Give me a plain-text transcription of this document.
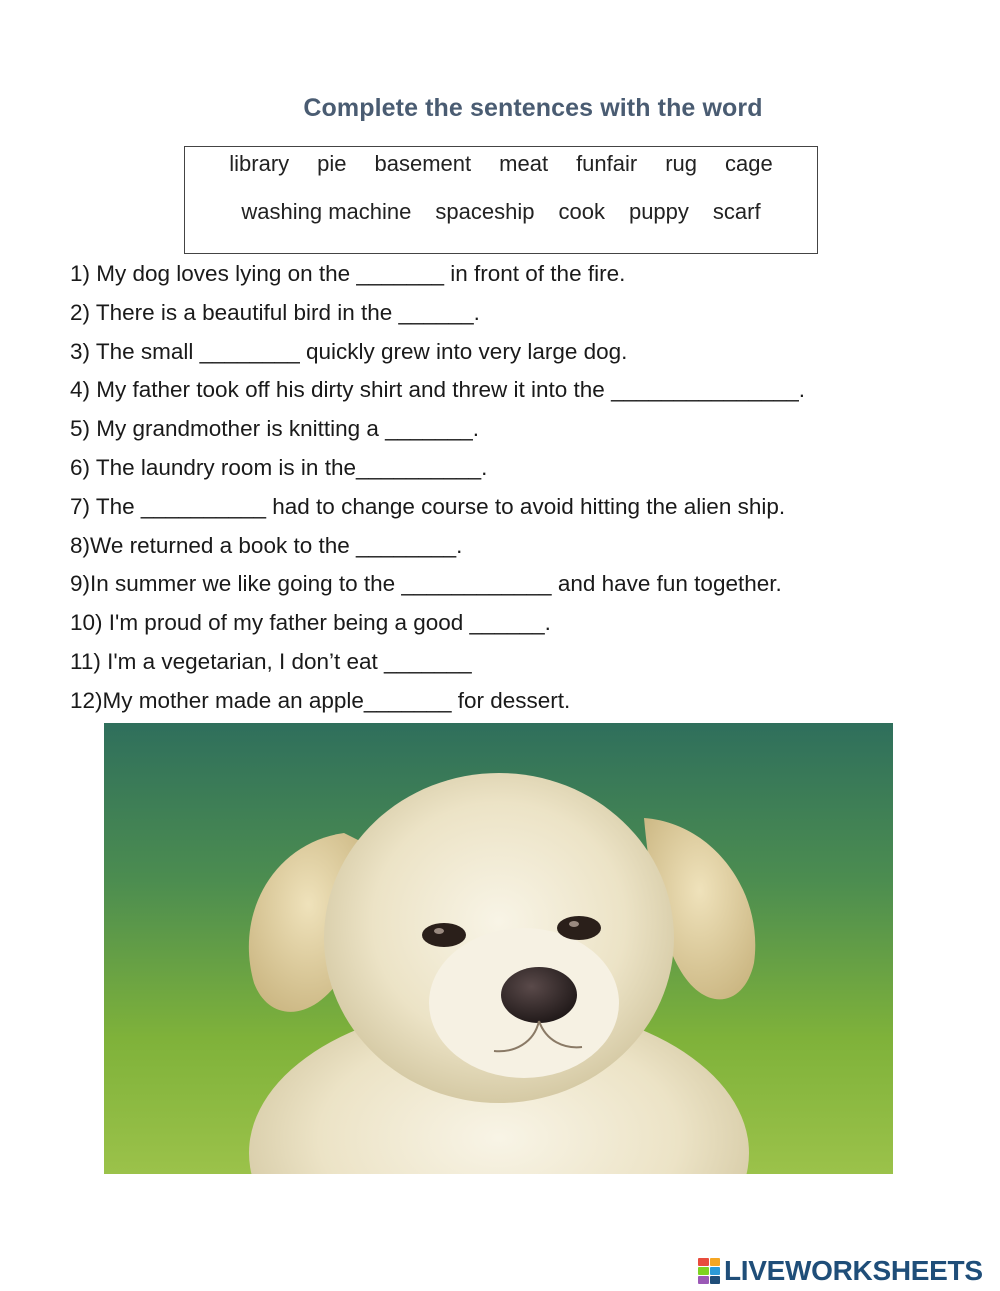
Complete the sentences with the word
library pie basement meat funfair rug cage
washing machine spaceship cook puppy scarf
1) My dog loves lying on the _______ in front of the fire.
2) There is a beautiful bird in the ______.
3) The small ________ quickly grew into very large dog.
4) My father took off his dirty shirt and threw it into the _______________.
5) My grandmother is knitting a _______.
6) The laundry room is in the__________.
7) The __________ had to change course to avoid hitting the alien ship.
8)We returned a book to the ________.
9)In summer we like going to the ____________ and have fun together.
10) I'm proud of my father being a good ______.
11) I'm a vegetarian, I don’t eat _______
12)My mother made an apple_______ for dessert.
LIVEWORKSHEETS
